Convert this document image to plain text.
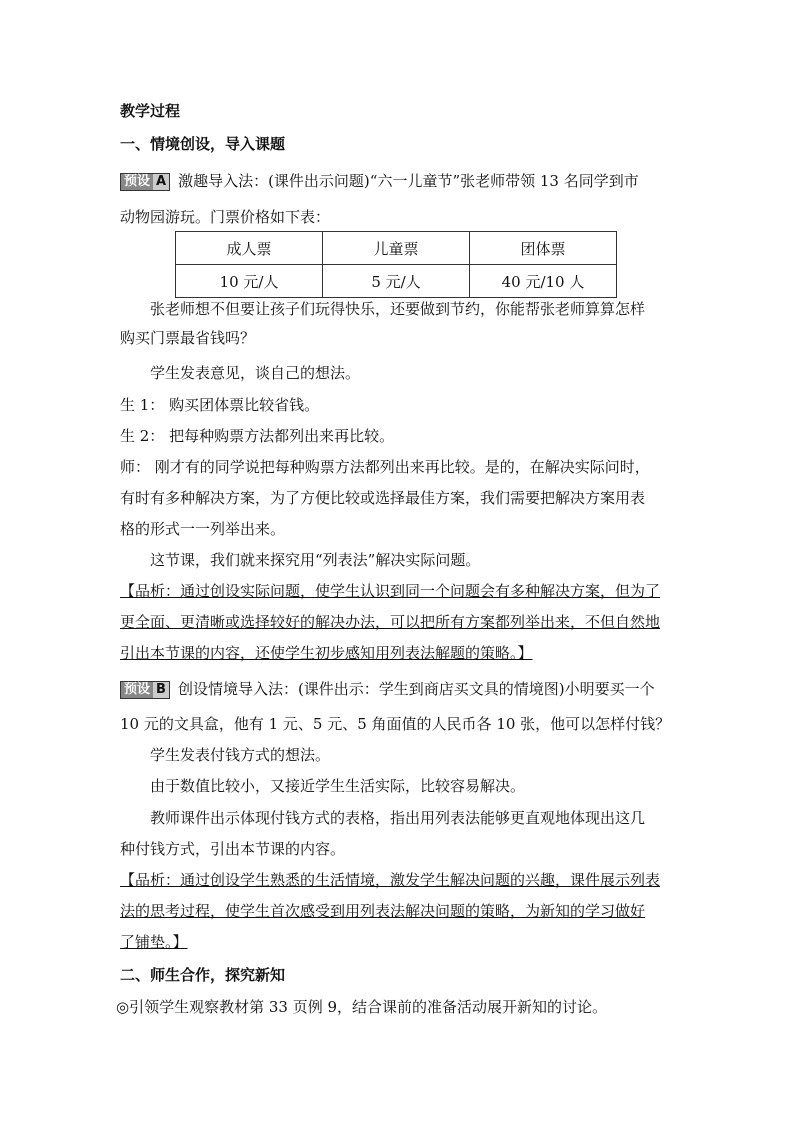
教学过程
一、情境创设，导入课题
预设 A 激趣导入法：(课件出示问题)“六一儿童节”张老师带领 13 名同学到市
动物园游玩。门票价格如下表：
成人票	儿童票	团体票
10 元/人	5 元/人	40 元/10 人
张老师想不但要让孩子们玩得快乐，还要做到节约，你能帮张老师算算怎样
购买门票最省钱吗？
学生发表意见，谈自己的想法。
生 1： 购买团体票比较省钱。
生 2： 把每种购票方法都列出来再比较。
师： 刚才有的同学说把每种购票方法都列出来再比较。是的，在解决实际问时，
有时有多种解决方案，为了方便比较或选择最佳方案，我们需要把解决方案用表
格的形式一一列举出来。
这节课，我们就来探究用“列表法”解决实际问题。
【品析：通过创设实际问题，使学生认识到同一个问题会有多种解决方案，但为了
更全面、更清晰或选择较好的解决办法，可以把所有方案都列举出来，不但自然地
引出本节课的内容，还使学生初步感知用列表法解题的策略。】
预设 B 创设情境导入法：(课件出示：学生到商店买文具的情境图)小明要买一个
10 元的文具盒，他有 1 元、5 元、5 角面值的人民币各 10 张，他可以怎样付钱？
学生发表付钱方式的想法。
由于数值比较小，又接近学生生活实际，比较容易解决。
教师课件出示体现付钱方式的表格，指出用列表法能够更直观地体现出这几
种付钱方式，引出本节课的内容。
【品析：通过创设学生熟悉的生活情境，激发学生解决问题的兴趣，课件展示列表
法的思考过程，使学生首次感受到用列表法解决问题的策略，为新知的学习做好
了铺垫。】
二、师生合作，探究新知
◎引领学生观察教材第 33 页例 9，结合课前的准备活动展开新知的讨论。
